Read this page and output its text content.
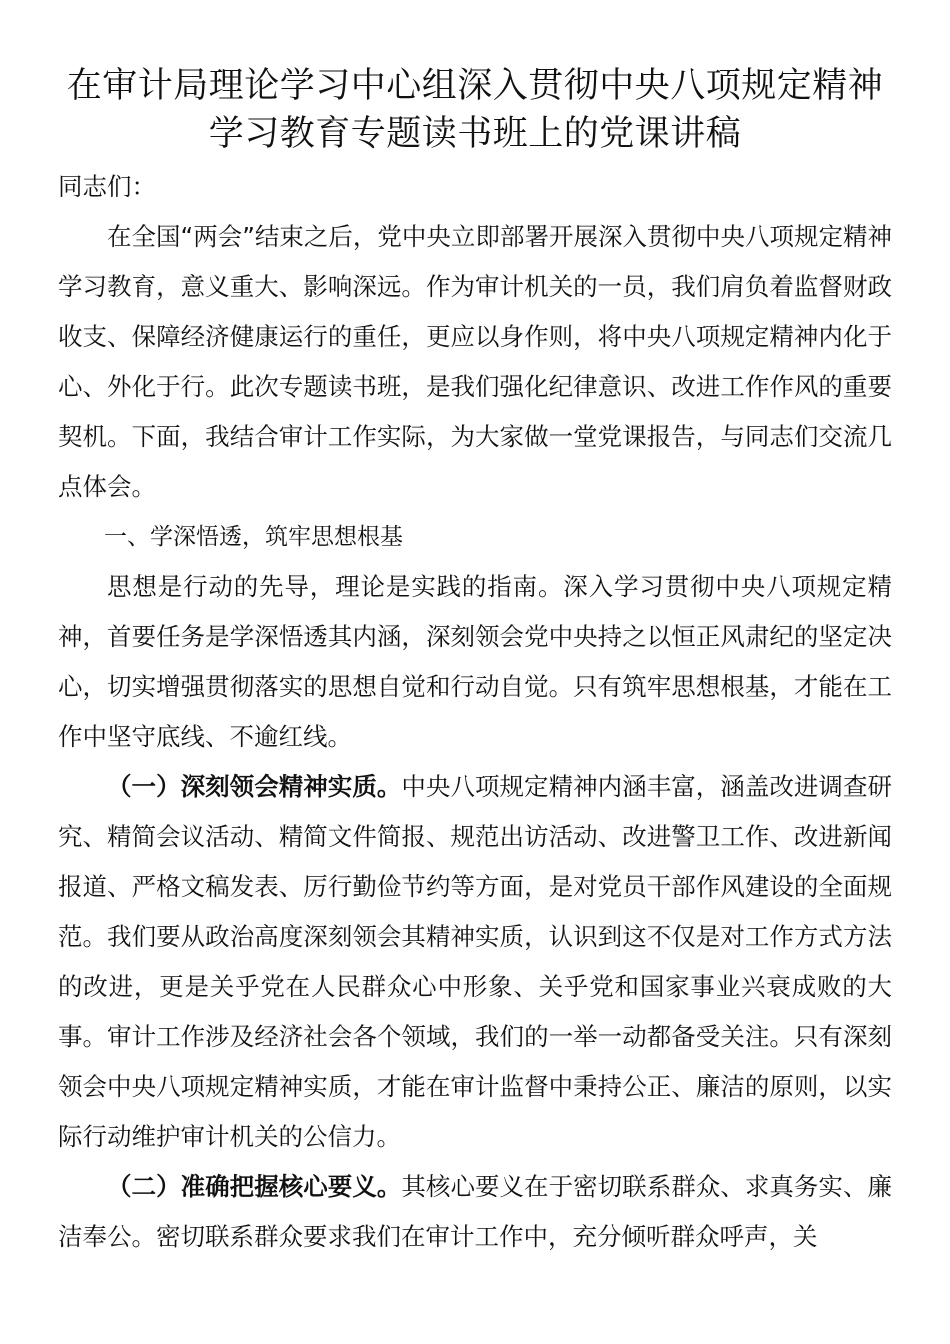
在审计局理论学习中心组深入贯彻中央八项规定精神
学习教育专题读书班上的党课讲稿

同志们：

在全国“两会”结束之后，党中央立即部署开展深入贯彻中央八项规定精神学习教育，意义重大、影响深远。作为审计机关的一员，我们肩负着监督财政收支、保障经济健康运行的重任，更应以身作则，将中央八项规定精神内化于心、外化于行。此次专题读书班，是我们强化纪律意识、改进工作作风的重要契机。下面，我结合审计工作实际，为大家做一堂党课报告，与同志们交流几点体会。

一、学深悟透，筑牢思想根基

思想是行动的先导，理论是实践的指南。深入学习贯彻中央八项规定精神，首要任务是学深悟透其内涵，深刻领会党中央持之以恒正风肃纪的坚定决心，切实增强贯彻落实的思想自觉和行动自觉。只有筑牢思想根基，才能在工作中坚守底线、不逾红线。

（一）深刻领会精神实质。中央八项规定精神内涵丰富，涵盖改进调查研究、精简会议活动、精简文件简报、规范出访活动、改进警卫工作、改进新闻报道、严格文稿发表、厉行勤俭节约等方面，是对党员干部作风建设的全面规范。我们要从政治高度深刻领会其精神实质，认识到这不仅是对工作方式方法的改进，更是关乎党在人民群众心中形象、关乎党和国家事业兴衰成败的大事。审计工作涉及经济社会各个领域，我们的一举一动都备受关注。只有深刻领会中央八项规定精神实质，才能在审计监督中秉持公正、廉洁的原则，以实际行动维护审计机关的公信力。

（二）准确把握核心要义。其核心要义在于密切联系群众、求真务实、廉洁奉公。密切联系群众要求我们在审计工作中，充分倾听群众呼声，关
